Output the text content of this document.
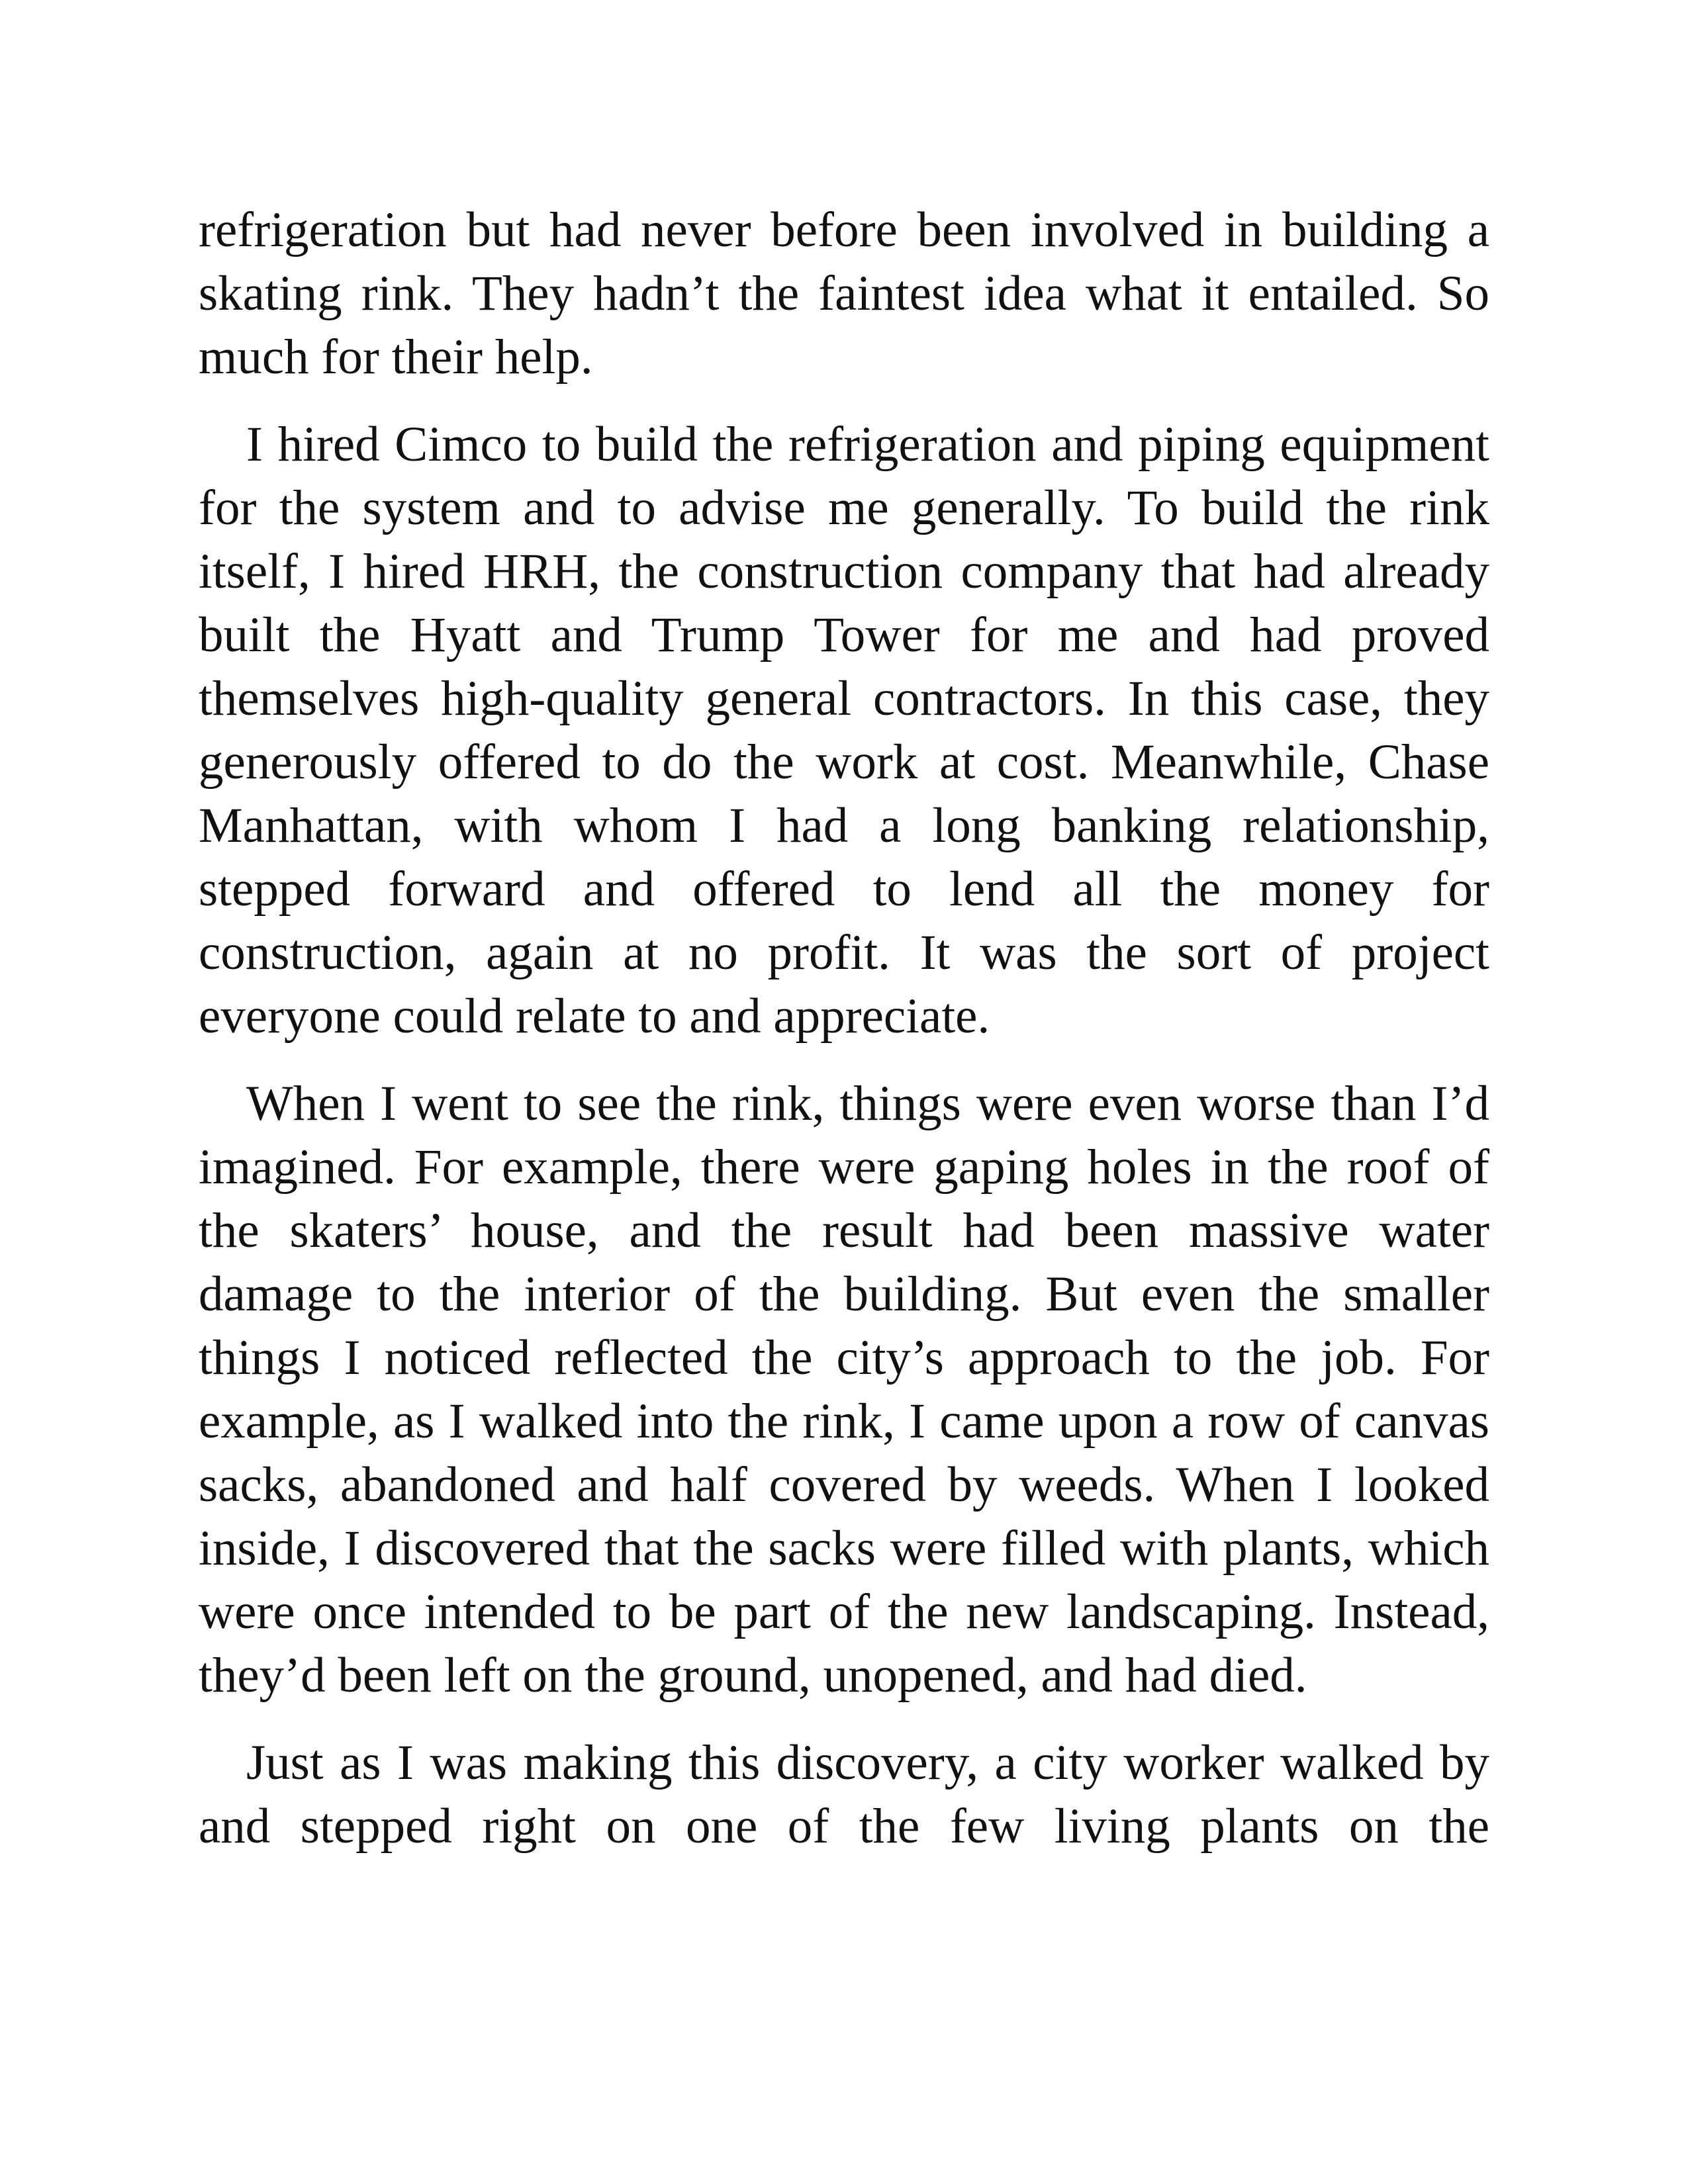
refrigeration but had never before been involved in building a skating rink. They hadn’t the faintest idea what it entailed. So much for their help.

I hired Cimco to build the refrigeration and piping equipment for the system and to advise me generally. To build the rink itself, I hired HRH, the construction company that had already built the Hyatt and Trump Tower for me and had proved themselves high-quality general contractors. In this case, they generously offered to do the work at cost. Meanwhile, Chase Manhattan, with whom I had a long banking relationship, stepped forward and offered to lend all the money for construction, again at no profit. It was the sort of project everyone could relate to and appreciate.

When I went to see the rink, things were even worse than I’d imagined. For example, there were gaping holes in the roof of the skaters’ house, and the result had been massive water damage to the interior of the building. But even the smaller things I noticed reflected the city’s approach to the job. For example, as I walked into the rink, I came upon a row of canvas sacks, abandoned and half covered by weeds. When I looked inside, I discovered that the sacks were filled with plants, which were once intended to be part of the new landscaping. Instead, they’d been left on the ground, unopened, and had died.

Just as I was making this discovery, a city worker walked by and stepped right on one of the few living plants on the
